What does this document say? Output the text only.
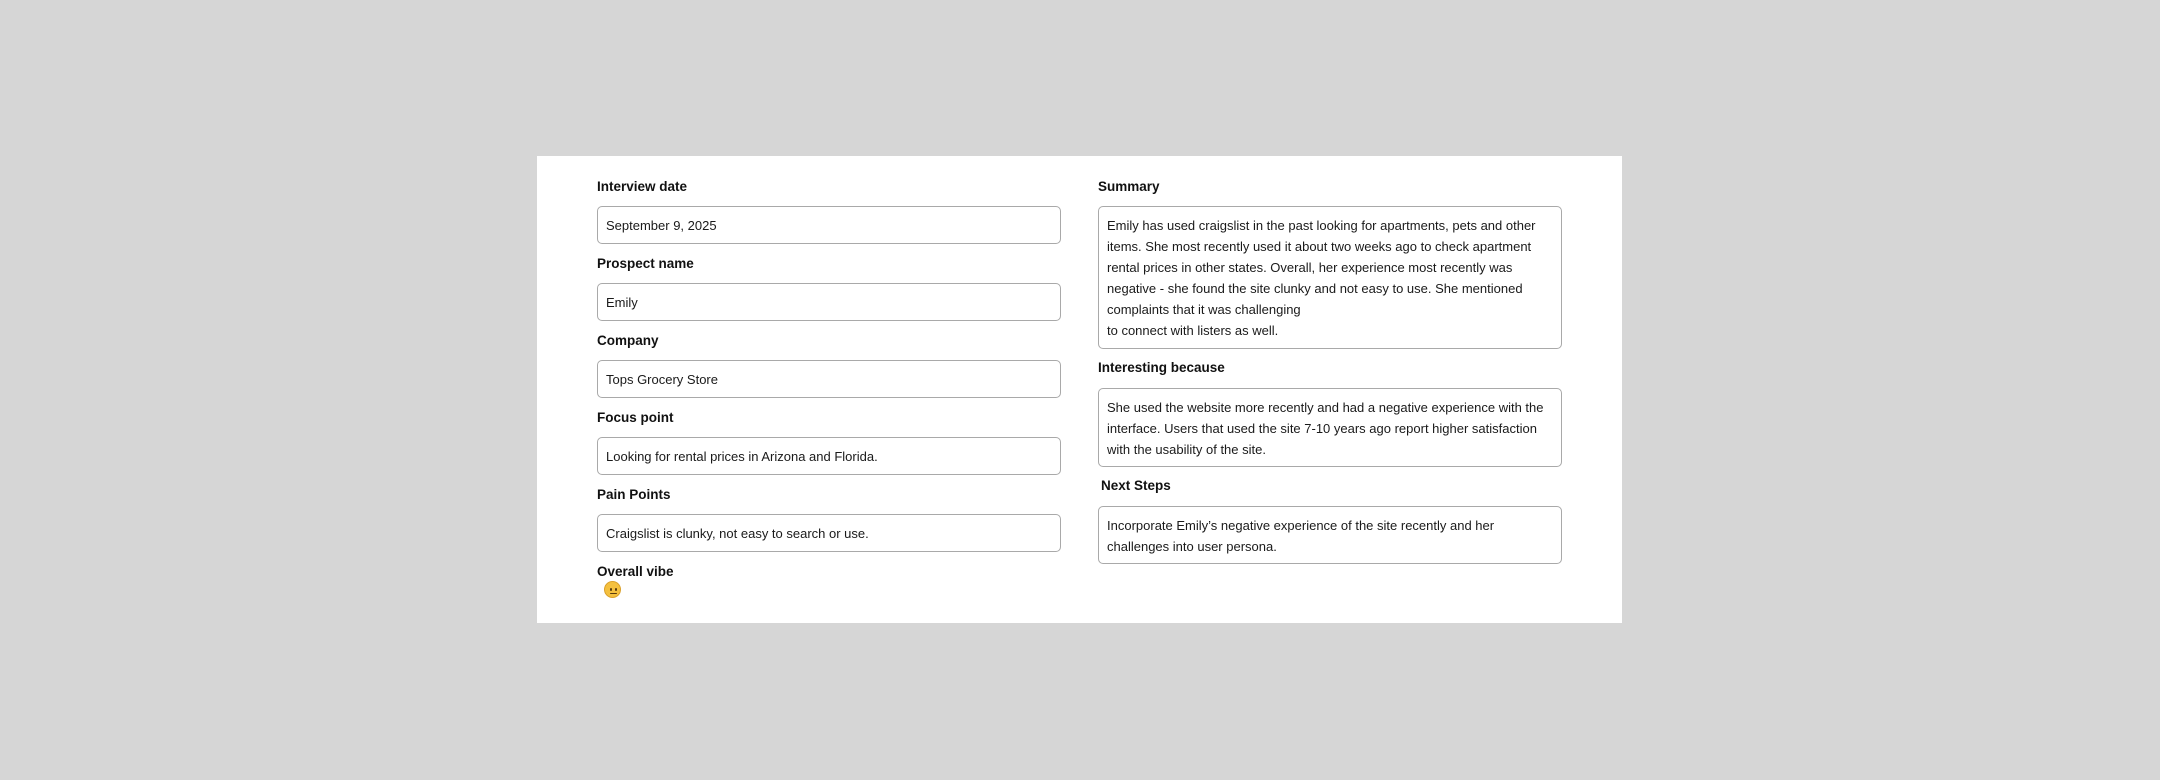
Interview date
September 9, 2025
Prospect name
Emily
Company
Tops Grocery Store
Focus point
Looking for rental prices in Arizona and Florida.
Pain Points
Craigslist is clunky, not easy to search or use.
Overall vibe
Summary
Emily has used craigslist in the past looking for apartments, pets and other items. She most recently used it about two weeks ago to check apartment rental prices in other states. Overall, her experience most recently was negative - she found the site clunky and not easy to use. She mentioned complaints that it was challenging
to connect with listers as well.
Interesting because
She used the website more recently and had a negative experience with the interface. Users that used the site 7-10 years ago report higher satisfaction with the usability of the site.
Next Steps
Incorporate Emily’s negative experience of the site recently and her challenges into user persona.
